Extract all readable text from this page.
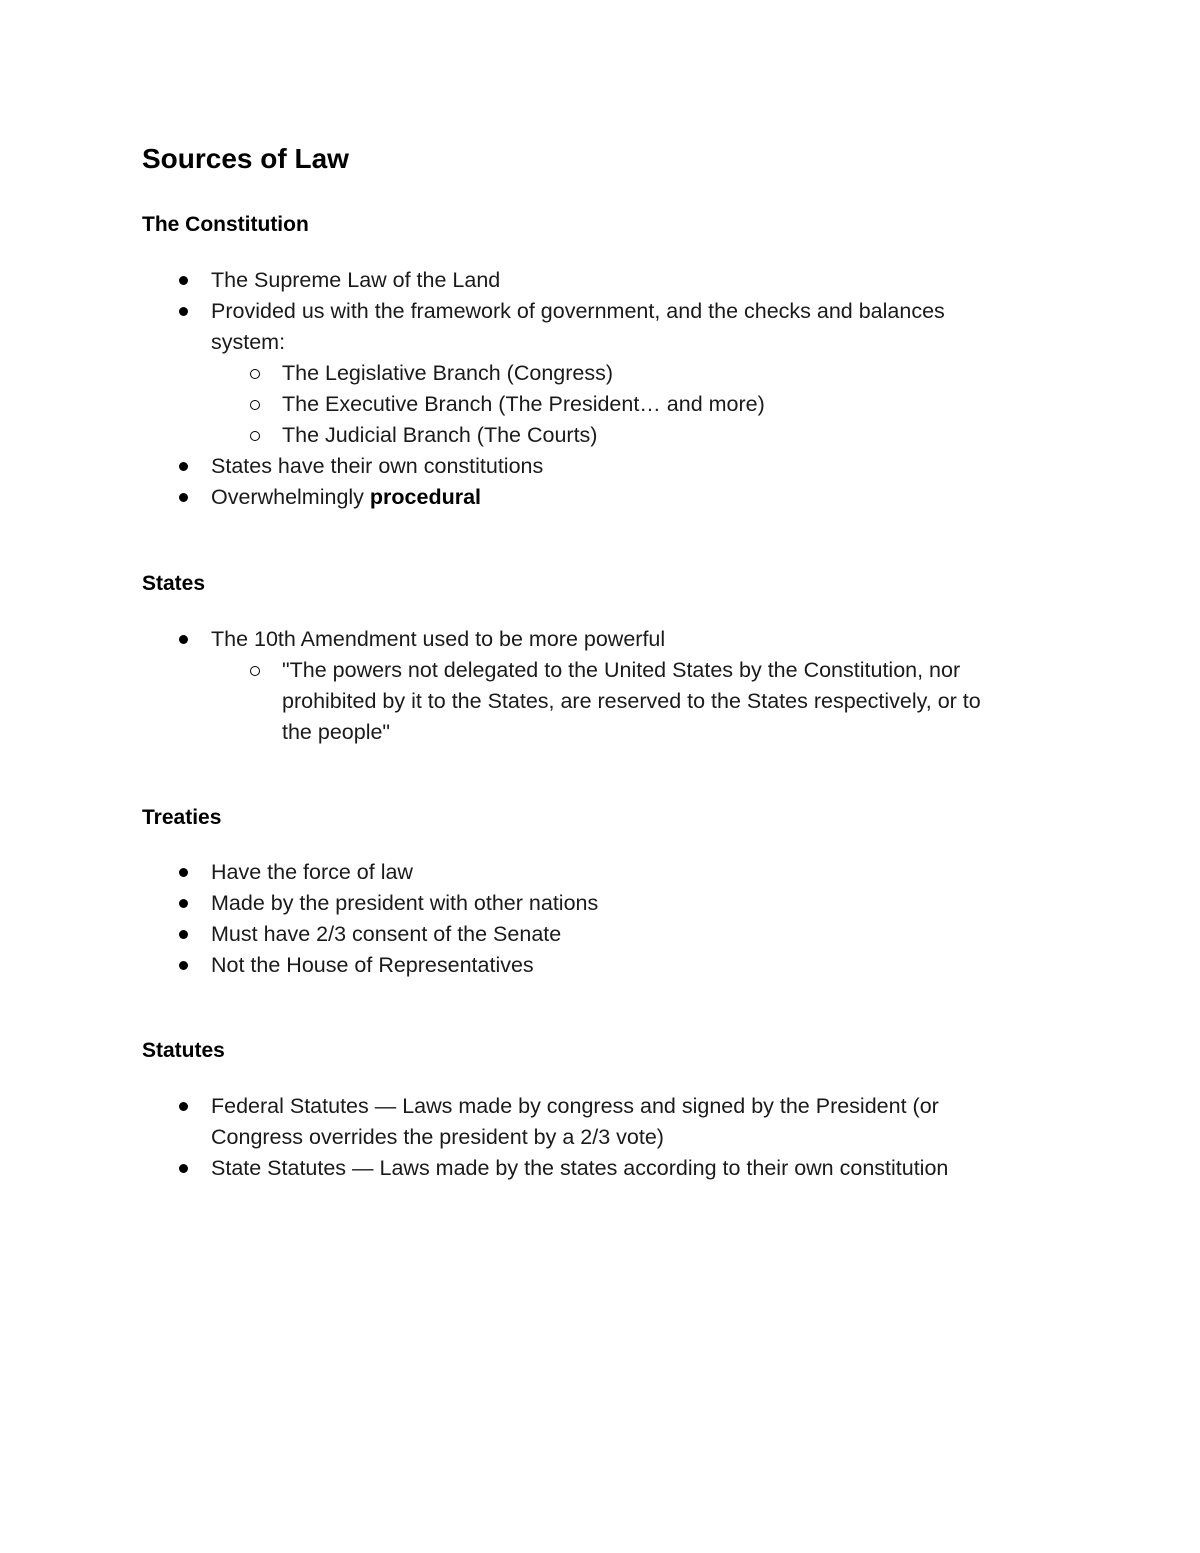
Sources of Law
The Constitution
The Supreme Law of the Land
Provided us with the framework of government, and the checks and balances
system:
The Legislative Branch (Congress)
The Executive Branch (The President… and more)
The Judicial Branch (The Courts)
States have their own constitutions
Overwhelmingly procedural
States
The 10th Amendment used to be more powerful
"The powers not delegated to the United States by the Constitution, nor
prohibited by it to the States, are reserved to the States respectively, or to
the people"
Treaties
Have the force of law
Made by the president with other nations
Must have 2/3 consent of the Senate
Not the House of Representatives
Statutes
Federal Statutes — Laws made by congress and signed by the President (or
Congress overrides the president by a 2/3 vote)
State Statutes — Laws made by the states according to their own constitution
